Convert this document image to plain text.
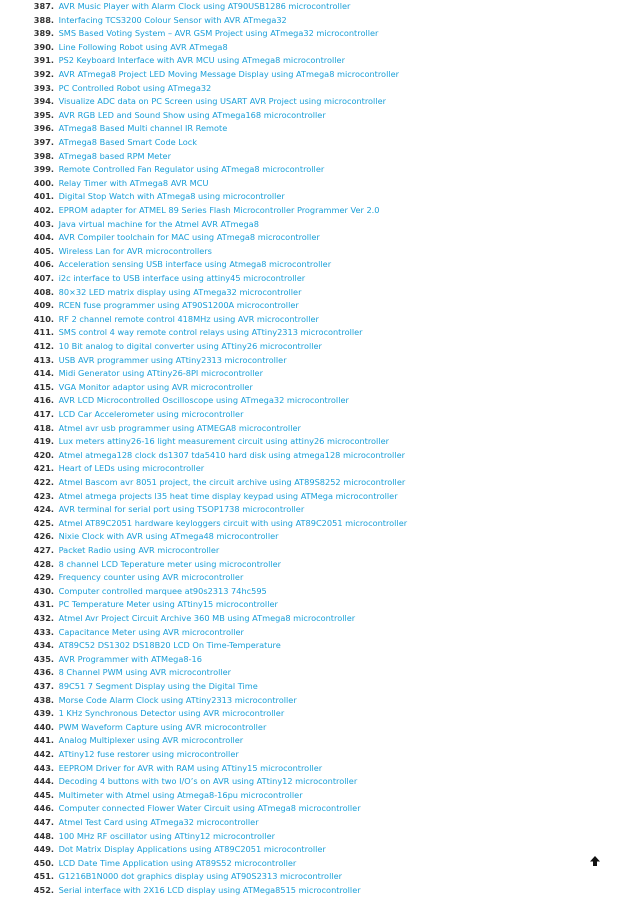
387. AVR Music Player with Alarm Clock using AT90USB1286 microcontroller
388. Interfacing TCS3200 Colour Sensor with AVR ATmega32
389. SMS Based Voting System – AVR GSM Project using ATmega32 microcontroller
390. Line Following Robot using AVR ATmega8
391. PS2 Keyboard Interface with AVR MCU using ATmega8 microcontroller
392. AVR ATmega8 Project LED Moving Message Display using ATmega8 microcontroller
393. PC Controlled Robot using ATmega32
394. Visualize ADC data on PC Screen using USART AVR Project using microcontroller
395. AVR RGB LED and Sound Show using ATmega168 microcontroller
396. ATmega8 Based Multi channel IR Remote
397. ATmega8 Based Smart Code Lock
398. ATmega8 based RPM Meter
399. Remote Controlled Fan Regulator using ATmega8 microcontroller
400. Relay Timer with ATmega8 AVR MCU
401. Digital Stop Watch with ATmega8 using microcontroller
402. EPROM adapter for ATMEL 89 Series Flash Microcontroller Programmer Ver 2.0
403. Java virtual machine for the Atmel AVR ATmega8
404. AVR Compiler toolchain for MAC using ATmega8 microcontroller
405. Wireless Lan for AVR microcontrollers
406. Acceleration sensing USB interface using Atmega8 microcontroller
407. i2c interface to USB interface using attiny45 microcontroller
408. 80×32 LED matrix display using ATmega32 microcontroller
409. RCEN fuse programmer using AT90S1200A microcontroller
410. RF 2 channel remote control 418MHz using AVR microcontroller
411. SMS control 4 way remote control relays using ATtiny2313 microcontroller
412. 10 Bit analog to digital converter using ATtiny26 microcontroller
413. USB AVR programmer using ATtiny2313 microcontroller
414. Midi Generator using ATtiny26-8PI microcontroller
415. VGA Monitor adaptor using AVR microcontroller
416. AVR LCD Microcontrolled Oscilloscope using ATmega32 microcontroller
417. LCD Car Accelerometer using microcontroller
418. Atmel avr usb programmer using ATMEGA8 microcontroller
419. Lux meters attiny26-16 light measurement circuit using attiny26 microcontroller
420. Atmel atmega128 clock ds1307 tda5410 hard disk using atmega128 microcontroller
421. Heart of LEDs using microcontroller
422. Atmel Bascom avr 8051 project, the circuit archive using AT89S8252 microcontroller
423. Atmel atmega projects l35 heat time display keypad using ATMega microcontroller
424. AVR terminal for serial port using TSOP1738 microcontroller
425. Atmel AT89C2051 hardware keyloggers circuit with using AT89C2051 microcontroller
426. Nixie Clock with AVR using ATmega48 microcontroller
427. Packet Radio using AVR microcontroller
428. 8 channel LCD Teperature meter using microcontroller
429. Frequency counter using AVR microcontroller
430. Computer controlled marquee at90s2313 74hc595
431. PC Temperature Meter using ATtiny15 microcontroller
432. Atmel Avr Project Circuit Archive 360 MB using ATmega8 microcontroller
433. Capacitance Meter using AVR microcontroller
434. AT89C52 DS1302 DS18B20 LCD On Time-Temperature
435. AVR Programmer with ATMega8-16
436. 8 Channel PWM using AVR microcontroller
437. 89C51 7 Segment Display using the Digital Time
438. Morse Code Alarm Clock using ATtiny2313 microcontroller
439. 1 KHz Synchronous Detector using AVR microcontroller
440. PWM Waveform Capture using AVR microcontroller
441. Analog Multiplexer using AVR microcontroller
442. ATtiny12 fuse restorer using microcontroller
443. EEPROM Driver for AVR with RAM using ATtiny15 microcontroller
444. Decoding 4 buttons with two I/O’s on AVR using ATtiny12 microcontroller
445. Multimeter with Atmel using Atmega8-16pu microcontroller
446. Computer connected Flower Water Circuit using ATmega8 microcontroller
447. Atmel Test Card using ATmega32 microcontroller
448. 100 MHz RF oscillator using ATtiny12 microcontroller
449. Dot Matrix Display Applications using AT89C2051 microcontroller
450. LCD Date Time Application using AT89S52 microcontroller
451. G1216B1N000 dot graphics display using AT90S2313 microcontroller
452. Serial interface with 2X16 LCD display using ATMega8515 microcontroller
